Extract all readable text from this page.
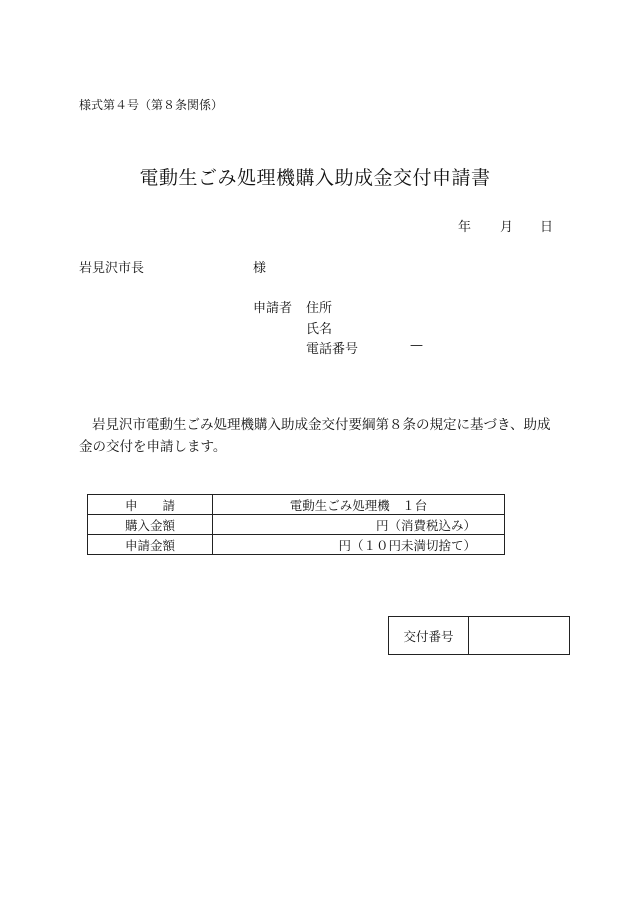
様式第４号（第８条関係）
電動生ごみ処理機購入助成金交付申請書
年 月 日
岩見沢市長	様
申請者 住所
氏名
電話番号	—
岩見沢市電動生ごみ処理機購入助成金交付要綱第８条の規定に基づき、助成金の交付を申請します。
申　　請	電動生ごみ処理機　１台
購入金額	円（消費税込み）
申請金額	円（１０円未満切捨て）
交付番号	
